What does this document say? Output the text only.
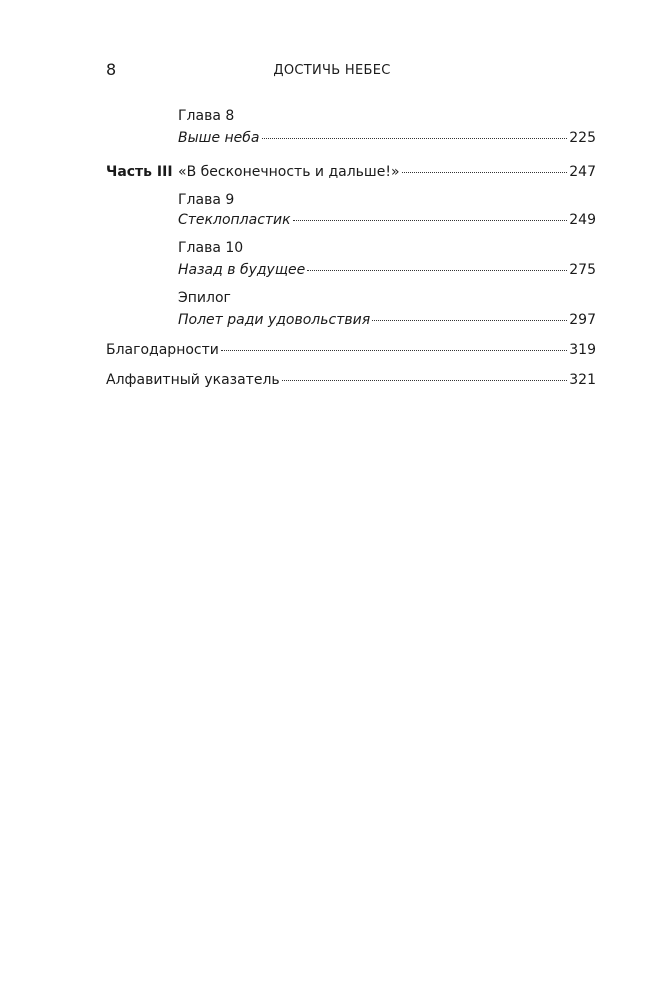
8	ДОСТИЧЬ НЕБЕС
Глава 8
Выше неба	225
Часть III «В бесконечность и дальше!»	247
Глава 9
Стеклопластик	249
Глава 10
Назад в будущее	275
Эпилог
Полет ради удовольствия	297
Благодарности	319
Алфавитный указатель	321
